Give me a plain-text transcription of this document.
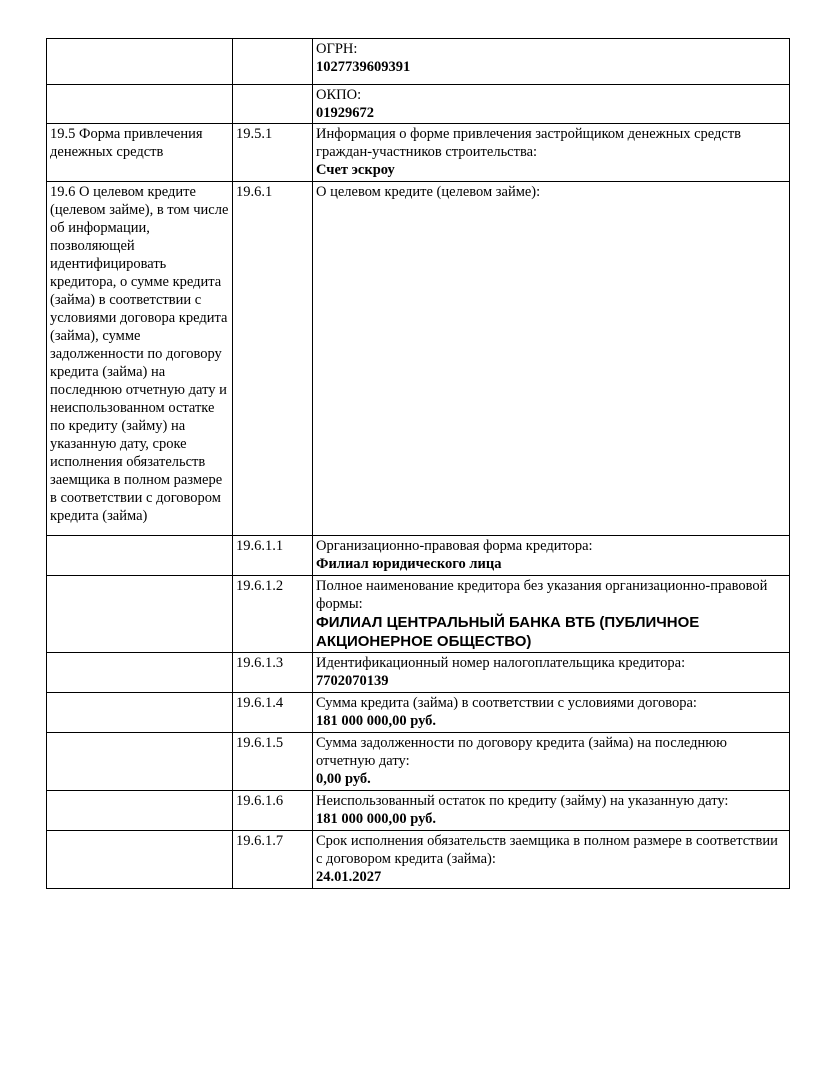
		ОГРН:
1027739609391

		ОКПО:
01929672

19.5 Форма привлечения денежных средств	19.5.1	Информация о форме привлечения застройщиком денежных средств граждан-участников строительства:
Счет эскроу

19.6 О целевом кредите (целевом займе), в том числе об информации, позволяющей идентифицировать кредитора, о сумме кредита (займа) в соответствии с условиями договора кредита (займа), сумме задолженности по договору кредита (займа) на последнюю отчетную дату и неиспользованном остатке по кредиту (займу) на указанную дату, сроке исполнения обязательств заемщика в полном размере в соответствии с договором кредита (займа)	19.6.1	О целевом кредите (целевом займе):

	19.6.1.1	Организационно-правовая форма кредитора:
Филиал юридического лица

	19.6.1.2	Полное наименование кредитора без указания организационно-правовой формы:
ФИЛИАЛ ЦЕНТРАЛЬНЫЙ БАНКА ВТБ (ПУБЛИЧНОЕ АКЦИОНЕРНОЕ ОБЩЕСТВО)

	19.6.1.3	Идентификационный номер налогоплательщика кредитора:
7702070139

	19.6.1.4	Сумма кредита (займа) в соответствии с условиями договора:
181 000 000,00 руб.

	19.6.1.5	Сумма задолженности по договору кредита (займа) на последнюю отчетную дату:
0,00 руб.

	19.6.1.6	Неиспользованный остаток по кредиту (займу) на указанную дату:
181 000 000,00 руб.

	19.6.1.7	Срок исполнения обязательств заемщика в полном размере в соответствии с договором кредита (займа):
24.01.2027
